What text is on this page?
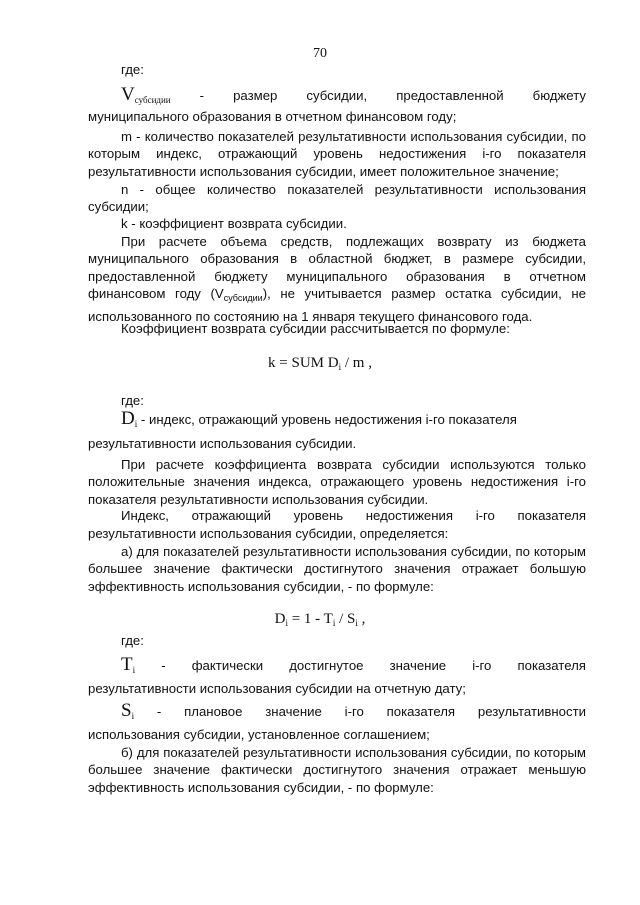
70
где:
$V_{субсидии}$ - размер субсидии, предоставленной бюджету

муниципального образования в отчетном финансовом году;

m - количество показателей результативности использования субсидии, по которым индекс, отражающий уровень недостижения i-го показателя результативности использования субсидии, имеет положительное значение;

n - общее количество показателей результативности использования субсидии;

k - коэффициент возврата субсидии.

При расчете объема средств, подлежащих возврату из бюджета муниципального образования в областной бюджет, в размере субсидии, предоставленной бюджету муниципального образования в отчетном финансовом году $(V_{субсидии})$, не учитывается размер остатка субсидии, не использованного по состоянию на 1 января текущего финансового года.

Коэффициент возврата субсидии рассчитывается по формуле:

k = SUM $D_i$ / m ,
где:

$D_i$ - индекс, отражающий уровень недостижения i-го показателя

результативности использования субсидии.

При расчете коэффициента возврата субсидии используются только положительные значения индекса, отражающего уровень недостижения i-го показателя результативности использования субсидии.

Индекс, отражающий уровень недостижения i-го показателя

результативности использования субсидии, определяется:

а) для показателей результативности использования субсидии, по которым большее значение фактически достигнутого значения отражает большую эффективность использования субсидии, - по формуле:

$D_i = 1 - T_i / S_i$ ,
где:
$T_i$ - фактически достигнутое значение i-го показателя

результативности использования субсидии на отчетную дату;

$S_i$ - плановое значение i-го показателя результативности

использования субсидии, установленное соглашением;

б) для показателей результативности использования субсидии, по которым большее значение фактически достигнутого значения отражает меньшую эффективность использования субсидии, - по формуле:
